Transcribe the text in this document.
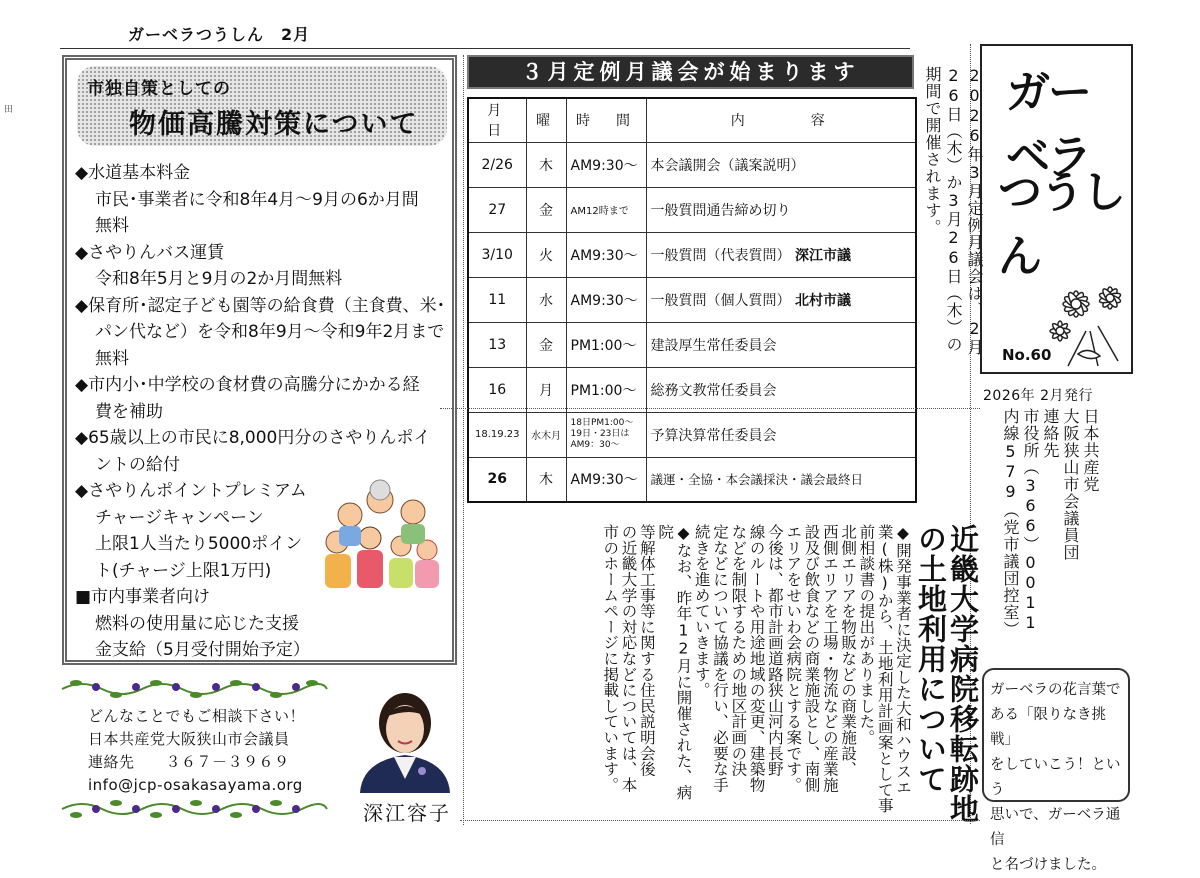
ガーベラつうしん　2月
田
市独自策としての
物価高騰対策について
◆水道基本料金
市民･事業者に令和8年4月～9月の6か月間
無料
◆さやりんバス運賃
令和8年5月と9月の2か月間無料
◆保育所･認定子ども園等の給食費（主食費、米･
パン代など）を令和8年9月～令和9年2月まで
無料
◆市内小･中学校の食材費の高騰分にかかる経
費を補助
◆65歳以上の市民に8,000円分のさやりんポイ
ントの給付
◆さやりんポイントプレミアム
チャージキャンペーン
上限1人当たり5000ポイン
ト(チャージ上限1万円)
■市内事業者向け
燃料の使用量に応じた支援
金支給（5月受付開始予定）
どんなことでもご相談下さい！
日本共産党大阪狭山市会議員
連絡先　　３６７－３９６９
info@jcp-osakasayama.org
深江容子
３月定例月議会が始まります
月 日	曜	時　間	内　　　容
2/26	木	AM9:30～	本会議開会（議案説明）
27	金	AM12時まで	一般質問通告締め切り
3/10	火	AM9:30～	一般質問（代表質問） 深江市議
11	水	AM9:30～	一般質問（個人質問） 北村市議
13	金	PM1:00～	建設厚生常任委員会
16	月	PM1:00～	総務文教常任委員会
18.19.23	水木月	18日PM1:00～ 19日・23日は AM9：30～	予算決算常任委員会
26	木	AM9:30～	議運・全協・本会議採決・議会最終日
2026年3月定例月議会は、2月26日（木）か3月26日（木）の期間で開催されます。
近畿大学病院移転跡地
の土地利用について
◆開発事業者に決定した大和ハウスエ
業(株)から、土地利用計画案として事
前相談書の提出がありました。
北側エリアを物販などの商業施設、
西側エリアを工場・物流などの産業施
設及び飲食などの商業施設とし、南側
エリアをせいわ会病院とする案です。
今後は、都市計画道路狭山河内長野
線のルートや用途地域の変更、建築物
などを制限するための地区計画の決
定などについて協議を行い、必要な手
続きを進めていきます。
◆なお、昨年12月に開催された、病院
等解体工事等に関する住民説明会後
の近畿大学の対応などについては、本
市のホームページに掲載しています。
ガーベラ
つうしん
No.60
2026年 2月発行
日本共産党
大阪狭山市会議員団
連絡先
市役所（366）0011
内線579（党市議団控室）
ガーベラの花言葉で
ある「限りなき挑戦」
をしていこう！という
思いで、ガーベラ通信
と名づけました。
